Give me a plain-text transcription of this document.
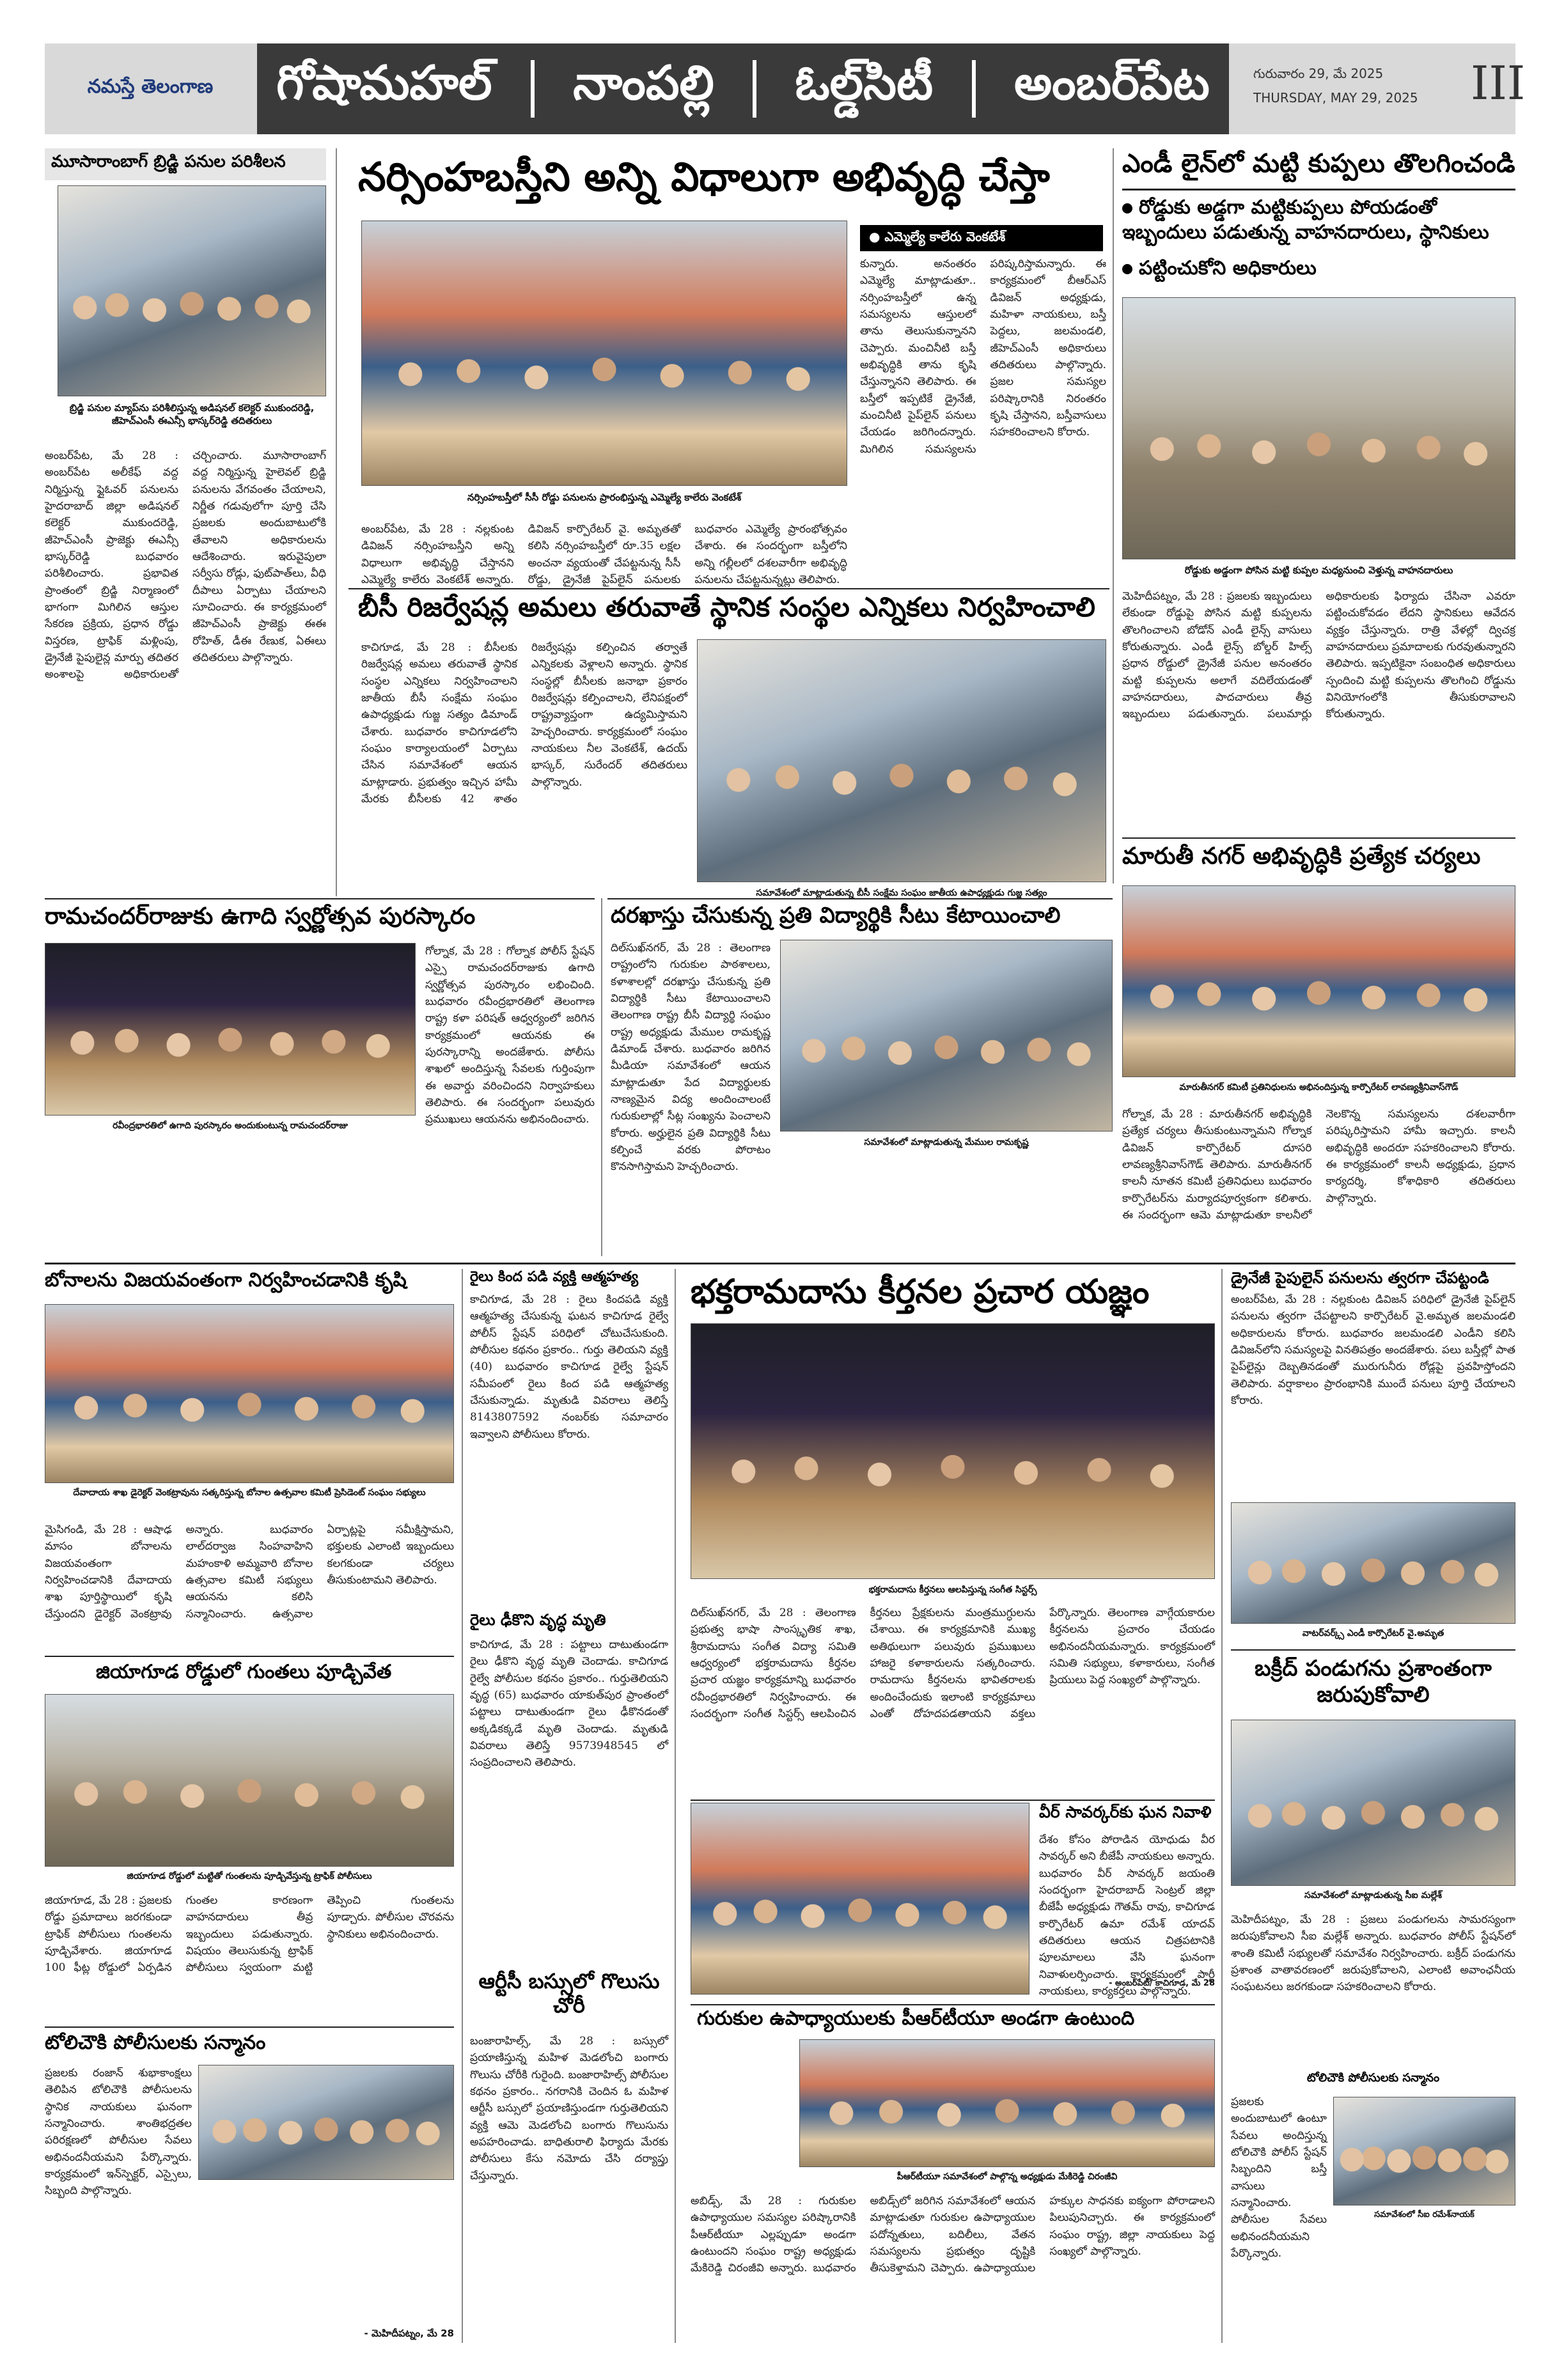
నమస్తే తెలంగాణ	గోషామహల్ నాంపల్లి ఓల్డ్‌సిటీ అంబర్‌పేట	గురువారం 29, మే 2025
THURSDAY, MAY 29, 2025	III
మూసారాంబాగ్ బ్రిడ్జి పనుల పరిశీలన
బ్రిడ్జి పనుల మ్యాప్‌ను పరిశీలిస్తున్న అడిషనల్ కలెక్టర్ ముకుందరెడ్డి, జీహెచ్‌ఎంసీ ఈఎన్సీ భాస్కర్‌రెడ్డి తదితరులు
అంబర్‌పేట, మే 28 : అంబర్‌పేట అలీకేఫ్ వద్ద నిర్మిస్తున్న ఫ్లైఓవర్ పనులను హైదరాబాద్ జిల్లా అడిషనల్ కలెక్టర్ ముకుందరెడ్డి, జీహెచ్‌ఎంసీ ప్రాజెక్టు ఈఎన్సీ భాస్కర్‌రెడ్డి బుధవారం పరిశీలించారు. ప్రభావిత ప్రాంతంలో బ్రిడ్జి నిర్మాణంలో భాగంగా మిగిలిన ఆస్తుల సేకరణ ప్రక్రియ, ప్రధాన రోడ్డు విస్తరణ, ట్రాఫిక్ మళ్లింపు, డ్రైనేజీ పైపులైన్ల మార్పు తదితర అంశాలపై అధికారులతో చర్చించారు. మూసారాంబాగ్ వద్ద నిర్మిస్తున్న హైలెవల్ బ్రిడ్జి పనులను వేగవంతం చేయాలని, నిర్ణీత గడువులోగా పూర్తి చేసి ప్రజలకు అందుబాటులోకి తేవాలని అధికారులను ఆదేశించారు. ఇరువైపులా సర్వీసు రోడ్లు, ఫుట్‌పాత్‌లు, వీధి దీపాలు ఏర్పాటు చేయాలని సూచించారు. ఈ కార్యక్రమంలో జీహెచ్‌ఎంసీ ప్రాజెక్టు ఈఈ రోహిత్, డీఈ రేణుక, ఏఈలు తదితరులు పాల్గొన్నారు.
నర్సింహబస్తీని అన్ని విధాలుగా అభివృద్ధి చేస్తా
నర్సింహబస్తీలో సీసీ రోడ్డు పనులను ప్రారంభిస్తున్న ఎమ్మెల్యే కాలేరు వెంకటేశ్
● ఎమ్మెల్యే కాలేరు వెంకటేశ్
కున్నారు. అనంతరం ఎమ్మెల్యే మాట్లాడుతూ.. నర్సింహబస్తీలో ఉన్న సమస్యలను ఆస్తులలో తాను తెలుసుకున్నానని చెప్పారు. మంచినీటి బస్తీ అభివృద్ధికి తాను కృషి చేస్తున్నానని తెలిపారు. ఈ బస్తీలో ఇప్పటికే డ్రైనేజీ, మంచినీటి పైప్‌లైన్ పనులు చేయడం జరిగిందన్నారు. మిగిలిన సమస్యలను పరిష్కరిస్తామన్నారు. ఈ కార్యక్రమంలో బీఆర్‌ఎస్ డివిజన్ అధ్యక్షుడు, మహిళా నాయకులు, బస్తీ పెద్దలు, జలమండలి, జీహెచ్‌ఎంసీ అధికారులు తదితరులు పాల్గొన్నారు. ప్రజల సమస్యల పరిష్కారానికి నిరంతరం కృషి చేస్తానని, బస్తీవాసులు సహకరించాలని కోరారు.
అంబర్‌పేట, మే 28 : నల్లకుంట డివిజన్ నర్సింహబస్తీని అన్ని విధాలుగా అభివృద్ధి చేస్తానని ఎమ్మెల్యే కాలేరు వెంకటేశ్ అన్నారు. డివిజన్ కార్పొరేటర్ వై. అమృతతో కలిసి నర్సింహబస్తీలో రూ.35 లక్షల అంచనా వ్యయంతో చేపట్టనున్న సీసీ రోడ్డు, డ్రైనేజీ పైప్‌లైన్ పనులకు బుధవారం ఎమ్మెల్యే ప్రారంభోత్సవం చేశారు. ఈ సందర్భంగా బస్తీలోని అన్ని గల్లీలలో దశలవారీగా అభివృద్ధి పనులను చేపట్టనున్నట్లు తెలిపారు.
బీసీ రిజర్వేషన్ల అమలు తరువాతే స్థానిక సంస్థల ఎన్నికలు నిర్వహించాలి
కాచిగూడ, మే 28 : బీసీలకు రిజర్వేషన్ల అమలు తరువాతే స్థానిక సంస్థల ఎన్నికలు నిర్వహించాలని జాతీయ బీసీ సంక్షేమ సంఘం ఉపాధ్యక్షుడు గుజ్జ సత్యం డిమాండ్ చేశారు. బుధవారం కాచిగూడలోని సంఘం కార్యాలయంలో ఏర్పాటు చేసిన సమావేశంలో ఆయన మాట్లాడారు. ప్రభుత్వం ఇచ్చిన హామీ మేరకు బీసీలకు 42 శాతం రిజర్వేషన్లు కల్పించిన తర్వాతే ఎన్నికలకు వెళ్లాలని అన్నారు. స్థానిక సంస్థల్లో బీసీలకు జనాభా ప్రకారం రిజర్వేషన్లు కల్పించాలని, లేనిపక్షంలో రాష్ట్రవ్యాప్తంగా ఉద్యమిస్తామని హెచ్చరించారు. కార్యక్రమంలో సంఘం నాయకులు నీల వెంకటేశ్, ఉదయ్ భాస్కర్, సురేందర్ తదితరులు పాల్గొన్నారు.
సమావేశంలో మాట్లాడుతున్న బీసీ సంక్షేమ సంఘం జాతీయ ఉపాధ్యక్షుడు గుజ్జ సత్యం
ఎండీ లైన్‌లో మట్టి కుప్పలు తొలగించండి
రోడ్డుకు అడ్డగా మట్టికుప్పలు పోయడంతో ఇబ్బందులు పడుతున్న వాహనదారులు, స్థానికులు
పట్టించుకోని అధికారులు
రోడ్డుకు అడ్డంగా పోసిన మట్టి కుప్పల మధ్యనుంచి వెళ్తున్న వాహనదారులు
మెహిదీపట్నం, మే 28 : ప్రజలకు ఇబ్బందులు లేకుండా రోడ్డుపై పోసిన మట్టి కుప్పలను తొలగించాలని బోడోన్ ఎండీ లైన్స్ వాసులు కోరుతున్నారు. ఎండీ లైన్స్ బోల్డర్ హిల్స్ ప్రధాన రోడ్డులో డ్రైనేజీ పనుల అనంతరం మట్టి కుప్పలను అలాగే వదిలేయడంతో వాహనదారులు, పాదచారులు తీవ్ర ఇబ్బందులు పడుతున్నారు. పలుమార్లు అధికారులకు ఫిర్యాదు చేసినా ఎవరూ పట్టించుకోవడం లేదని స్థానికులు ఆవేదన వ్యక్తం చేస్తున్నారు. రాత్రి వేళల్లో ద్విచక్ర వాహనదారులు ప్రమాదాలకు గురవుతున్నారని తెలిపారు. ఇప్పటికైనా సంబంధిత అధికారులు స్పందించి మట్టి కుప్పలను తొలగించి రోడ్డును వినియోగంలోకి తీసుకురావాలని కోరుతున్నారు.
మారుతీ నగర్ అభివృద్ధికి ప్రత్యేక చర్యలు
మారుతీనగర్ కమిటీ ప్రతినిధులను అభినందిస్తున్న కార్పొరేటర్ లావణ్యశ్రీనివాస్‌గౌడ్
గోల్నాక, మే 28 : మారుతీనగర్ అభివృద్ధికి ప్రత్యేక చర్యలు తీసుకుంటున్నామని గోల్నాక డివిజన్ కార్పొరేటర్ దూసరి లావణ్యశ్రీనివాస్‌గౌడ్ తెలిపారు. మారుతీనగర్ కాలనీ నూతన కమిటీ ప్రతినిధులు బుధవారం కార్పొరేటర్‌ను మర్యాదపూర్వకంగా కలిశారు. ఈ సందర్భంగా ఆమె మాట్లాడుతూ కాలనీలో నెలకొన్న సమస్యలను దశలవారీగా పరిష్కరిస్తామని హామీ ఇచ్చారు. కాలనీ అభివృద్ధికి అందరూ సహకరించాలని కోరారు. ఈ కార్యక్రమంలో కాలనీ అధ్యక్షుడు, ప్రధాన కార్యదర్శి, కోశాధికారి తదితరులు పాల్గొన్నారు.
రామచందర్‌రాజుకు ఉగాది స్వర్ణోత్సవ పురస్కారం
రవీంద్రభారతిలో ఉగాది పురస్కారం అందుకుంటున్న రామచందర్‌రాజు
గోల్నాక, మే 28 : గోల్నాక పోలీస్ స్టేషన్ ఎస్సై రామచందర్‌రాజుకు ఉగాది స్వర్ణోత్సవ పురస్కారం లభించింది. బుధవారం రవీంద్రభారతిలో తెలంగాణ రాష్ట్ర కళా పరిషత్ ఆధ్వర్యంలో జరిగిన కార్యక్రమంలో ఆయనకు ఈ పురస్కారాన్ని అందజేశారు. పోలీసు శాఖలో అందిస్తున్న సేవలకు గుర్తింపుగా ఈ అవార్డు వరించిందని నిర్వాహకులు తెలిపారు. ఈ సందర్భంగా పలువురు ప్రముఖులు ఆయనను అభినందించారు.
దరఖాస్తు చేసుకున్న ప్రతి విద్యార్థికి సీటు కేటాయించాలి
దిల్‌సుఖ్‌నగర్, మే 28 : తెలంగాణ రాష్ట్రంలోని గురుకుల పాఠశాలలు, కళాశాలల్లో దరఖాస్తు చేసుకున్న ప్రతి విద్యార్థికి సీటు కేటాయించాలని తెలంగాణ రాష్ట్ర బీసీ విద్యార్థి సంఘం రాష్ట్ర అధ్యక్షుడు మేముల రామకృష్ణ డిమాండ్ చేశారు. బుధవారం జరిగిన మీడియా సమావేశంలో ఆయన మాట్లాడుతూ పేద విద్యార్థులకు నాణ్యమైన విద్య అందించాలంటే గురుకులాల్లో సీట్ల సంఖ్యను పెంచాలని కోరారు. అర్హులైన ప్రతి విద్యార్థికి సీటు కల్పించే వరకు పోరాటం కొనసాగిస్తామని హెచ్చరించారు.
సమావేశంలో మాట్లాడుతున్న మేముల రామకృష్ణ
బోనాలను విజయవంతంగా నిర్వహించడానికి కృషి
దేవాదాయ శాఖ డైరెక్టర్ వెంకట్రావును సత్కరిస్తున్న బోనాల ఉత్సవాల కమిటీ ప్రెసిడెంట్ సంఘం సభ్యులు
మైసిగండి, మే 28 : ఆషాఢ మాసం బోనాలను విజయవంతంగా నిర్వహించడానికి దేవాదాయ శాఖ పూర్తిస్థాయిలో కృషి చేస్తుందని డైరెక్టర్ వెంకట్రావు అన్నారు. బుధవారం లాల్‌దర్వాజ సింహవాహిని మహంకాళి అమ్మవారి బోనాల ఉత్సవాల కమిటీ సభ్యులు ఆయనను కలిసి సన్మానించారు. ఉత్సవాల ఏర్పాట్లపై సమీక్షిస్తామని, భక్తులకు ఎలాంటి ఇబ్బందులు కలగకుండా చర్యలు తీసుకుంటామని తెలిపారు.
జియాగూడ రోడ్డులో గుంతలు పూడ్చివేత
జియాగూడ రోడ్డులో మట్టితో గుంతలను పూడ్చివేస్తున్న ట్రాఫిక్ పోలీసులు
జియాగూడ, మే 28 : ప్రజలకు రోడ్డు ప్రమాదాలు జరగకుండా ట్రాఫిక్ పోలీసులు గుంతలను పూడ్చివేశారు. జియాగూడ 100 ఫీట్ల రోడ్డులో ఏర్పడిన గుంతల కారణంగా వాహనదారులు తీవ్ర ఇబ్బందులు పడుతున్నారు. విషయం తెలుసుకున్న ట్రాఫిక్ పోలీసులు స్వయంగా మట్టి తెప్పించి గుంతలను పూడ్చారు. పోలీసుల చొరవను స్థానికులు అభినందించారు.
టోలిచౌకి పోలీసులకు సన్మానం
ప్రజలకు రంజాన్ శుభాకాంక్షలు తెలిపిన టోలిచౌకి పోలీసులను స్థానిక నాయకులు ఘనంగా సన్మానించారు. శాంతిభద్రతల పరిరక్షణలో పోలీసుల సేవలు అభినందనీయమని పేర్కొన్నారు. కార్యక్రమంలో ఇన్‌స్పెక్టర్, ఎస్సైలు, సిబ్బంది పాల్గొన్నారు.
- మెహిదీపట్నం, మే 28
రైలు కింద పడి వ్యక్తి ఆత్మహత్య
కాచిగూడ, మే 28 : రైలు కిందపడి వ్యక్తి ఆత్మహత్య చేసుకున్న ఘటన కాచిగూడ రైల్వే పోలీస్ స్టేషన్ పరిధిలో చోటుచేసుకుంది. పోలీసుల కథనం ప్రకారం.. గుర్తు తెలియని వ్యక్తి (40) బుధవారం కాచిగూడ రైల్వే స్టేషన్ సమీపంలో రైలు కింద పడి ఆత్మహత్య చేసుకున్నాడు. మృతుడి వివరాలు తెలిస్తే 8143807592 నంబర్‌కు సమాచారం ఇవ్వాలని పోలీసులు కోరారు.
రైలు ఢీకొని వృద్ధ మృతి
కాచిగూడ, మే 28 : పట్టాలు దాటుతుండగా రైలు ఢీకొని వృద్ధ మృతి చెందాడు. కాచిగూడ రైల్వే పోలీసుల కథనం ప్రకారం.. గుర్తుతెలియని వృద్ధ (65) బుధవారం యాకుత్‌పుర ప్రాంతంలో పట్టాలు దాటుతుండగా రైలు ఢీకొనడంతో అక్కడికక్కడే మృతి చెందాడు. మృతుడి వివరాలు తెలిస్తే 9573948545 లో సంప్రదించాలని తెలిపారు.
ఆర్టీసీ బస్సులో గొలుసు చోరీ
బంజారాహిల్స్, మే 28 : బస్సులో ప్రయాణిస్తున్న మహిళ మెడలోంచి బంగారు గొలుసు చోరీకి గురైంది. బంజారాహిల్స్ పోలీసుల కథనం ప్రకారం.. నగరానికి చెందిన ఓ మహిళ ఆర్టీసీ బస్సులో ప్రయాణిస్తుండగా గుర్తుతెలియని వ్యక్తి ఆమె మెడలోంచి బంగారు గొలుసును అపహరించాడు. బాధితురాలి ఫిర్యాదు మేరకు పోలీసులు కేసు నమోదు చేసి దర్యాప్తు చేస్తున్నారు.
భక్తరామదాసు కీర్తనల ప్రచార యజ్ఞం
భక్తరామదాసు కీర్తనలు ఆలపిస్తున్న సంగీత సిస్టర్స్
దిల్‌సుఖ్‌నగర్, మే 28 : తెలంగాణ ప్రభుత్వ భాషా సాంస్కృతిక శాఖ, శ్రీరామదాసు సంగీత విద్యా సమితి ఆధ్వర్యంలో భక్తరామదాసు కీర్తనల ప్రచార యజ్ఞం కార్యక్రమాన్ని బుధవారం రవీంద్రభారతిలో నిర్వహించారు. ఈ సందర్భంగా సంగీత సిస్టర్స్ ఆలపించిన కీర్తనలు ప్రేక్షకులను మంత్రముగ్ధులను చేశాయి. ఈ కార్యక్రమానికి ముఖ్య అతిథులుగా పలువురు ప్రముఖులు హాజరై కళాకారులను సత్కరించారు. రామదాసు కీర్తనలను భావితరాలకు అందించేందుకు ఇలాంటి కార్యక్రమాలు ఎంతో దోహదపడతాయని వక్తలు పేర్కొన్నారు. తెలంగాణ వాగ్గేయకారుల కీర్తనలను ప్రచారం చేయడం అభినందనీయమన్నారు. కార్యక్రమంలో సమితి సభ్యులు, కళాకారులు, సంగీత ప్రియులు పెద్ద సంఖ్యలో పాల్గొన్నారు.
వీర్ సావర్కర్‌కు ఘన నివాళి
దేశం కోసం పోరాడిన యోధుడు వీర సావర్కర్ అని బీజేపీ నాయకులు అన్నారు. బుధవారం వీర్ సావర్కర్ జయంతి సందర్భంగా హైదరాబాద్ సెంట్రల్ జిల్లా బీజేపీ అధ్యక్షుడు గౌతమ్ రావు, కాచిగూడ కార్పొరేటర్ ఉమా రమేశ్ యాదవ్ తదితరులు ఆయన చిత్రపటానికి పూలమాలలు వేసి ఘనంగా నివాళులర్పించారు. కార్యక్రమంలో పార్టీ నాయకులు, కార్యకర్తలు పాల్గొన్నారు.
- అంబర్‌పేట్/ కాచిగూడ, మే 28
గురుకుల ఉపాధ్యాయులకు పీఆర్‌టీయూ అండగా ఉంటుంది
పీఆర్‌టీయూ సమావేశంలో పాల్గొన్న అధ్యక్షుడు మేకిరెడ్డి చిరంజీవి
అబిడ్స్, మే 28 : గురుకుల ఉపాధ్యాయుల సమస్యల పరిష్కారానికి పీఆర్‌టీయూ ఎల్లప్పుడూ అండగా ఉంటుందని సంఘం రాష్ట్ర అధ్యక్షుడు మేకిరెడ్డి చిరంజీవి అన్నారు. బుధవారం అబిడ్స్‌లో జరిగిన సమావేశంలో ఆయన మాట్లాడుతూ గురుకుల ఉపాధ్యాయుల పదోన్నతులు, బదిలీలు, వేతన సమస్యలను ప్రభుత్వం దృష్టికి తీసుకెళ్తామని చెప్పారు. ఉపాధ్యాయుల హక్కుల సాధనకు ఐక్యంగా పోరాడాలని పిలుపునిచ్చారు. ఈ కార్యక్రమంలో సంఘం రాష్ట్ర, జిల్లా నాయకులు పెద్ద సంఖ్యలో పాల్గొన్నారు.
డ్రైనేజీ పైపులైన్ పనులను త్వరగా చేపట్టండి
అంబర్‌పేట, మే 28 : నల్లకుంట డివిజన్ పరిధిలో డ్రైనేజీ పైప్‌లైన్ పనులను త్వరగా చేపట్టాలని కార్పొరేటర్ వై.అమృత జలమండలి అధికారులను కోరారు. బుధవారం జలమండలి ఎండీని కలిసి డివిజన్‌లోని సమస్యలపై వినతిపత్రం అందజేశారు. పలు బస్తీల్లో పాత పైప్‌లైన్లు దెబ్బతినడంతో మురుగునీరు రోడ్లపై ప్రవహిస్తోందని తెలిపారు. వర్షాకాలం ప్రారంభానికి ముందే పనులు పూర్తి చేయాలని కోరారు.
వాటర్‌వర్క్స్ ఎండీ కార్పొరేటర్ వై.అమృత
బక్రీద్ పండుగను ప్రశాంతంగా జరుపుకోవాలి
సమావేశంలో మాట్లాడుతున్న సీఐ మల్లేశ్
మెహిదీపట్నం, మే 28 : ప్రజలు పండుగలను సామరస్యంగా జరుపుకోవాలని సీఐ మల్లేశ్ అన్నారు. బుధవారం పోలీస్ స్టేషన్‌లో శాంతి కమిటీ సభ్యులతో సమావేశం నిర్వహించారు. బక్రీద్ పండుగను ప్రశాంత వాతావరణంలో జరుపుకోవాలని, ఎలాంటి అవాంఛనీయ సంఘటనలు జరగకుండా సహకరించాలని కోరారు.
టోలిచౌకి పోలీసులకు సన్మానం
ప్రజలకు అందుబాటులో ఉంటూ సేవలు అందిస్తున్న టోలిచౌకి పోలీస్ స్టేషన్ సిబ్బందిని బస్తీ వాసులు సన్మానించారు. పోలీసుల సేవలు అభినందనీయమని పేర్కొన్నారు.
సమావేశంలో సీఐ రమేశ్‌నాయక్
